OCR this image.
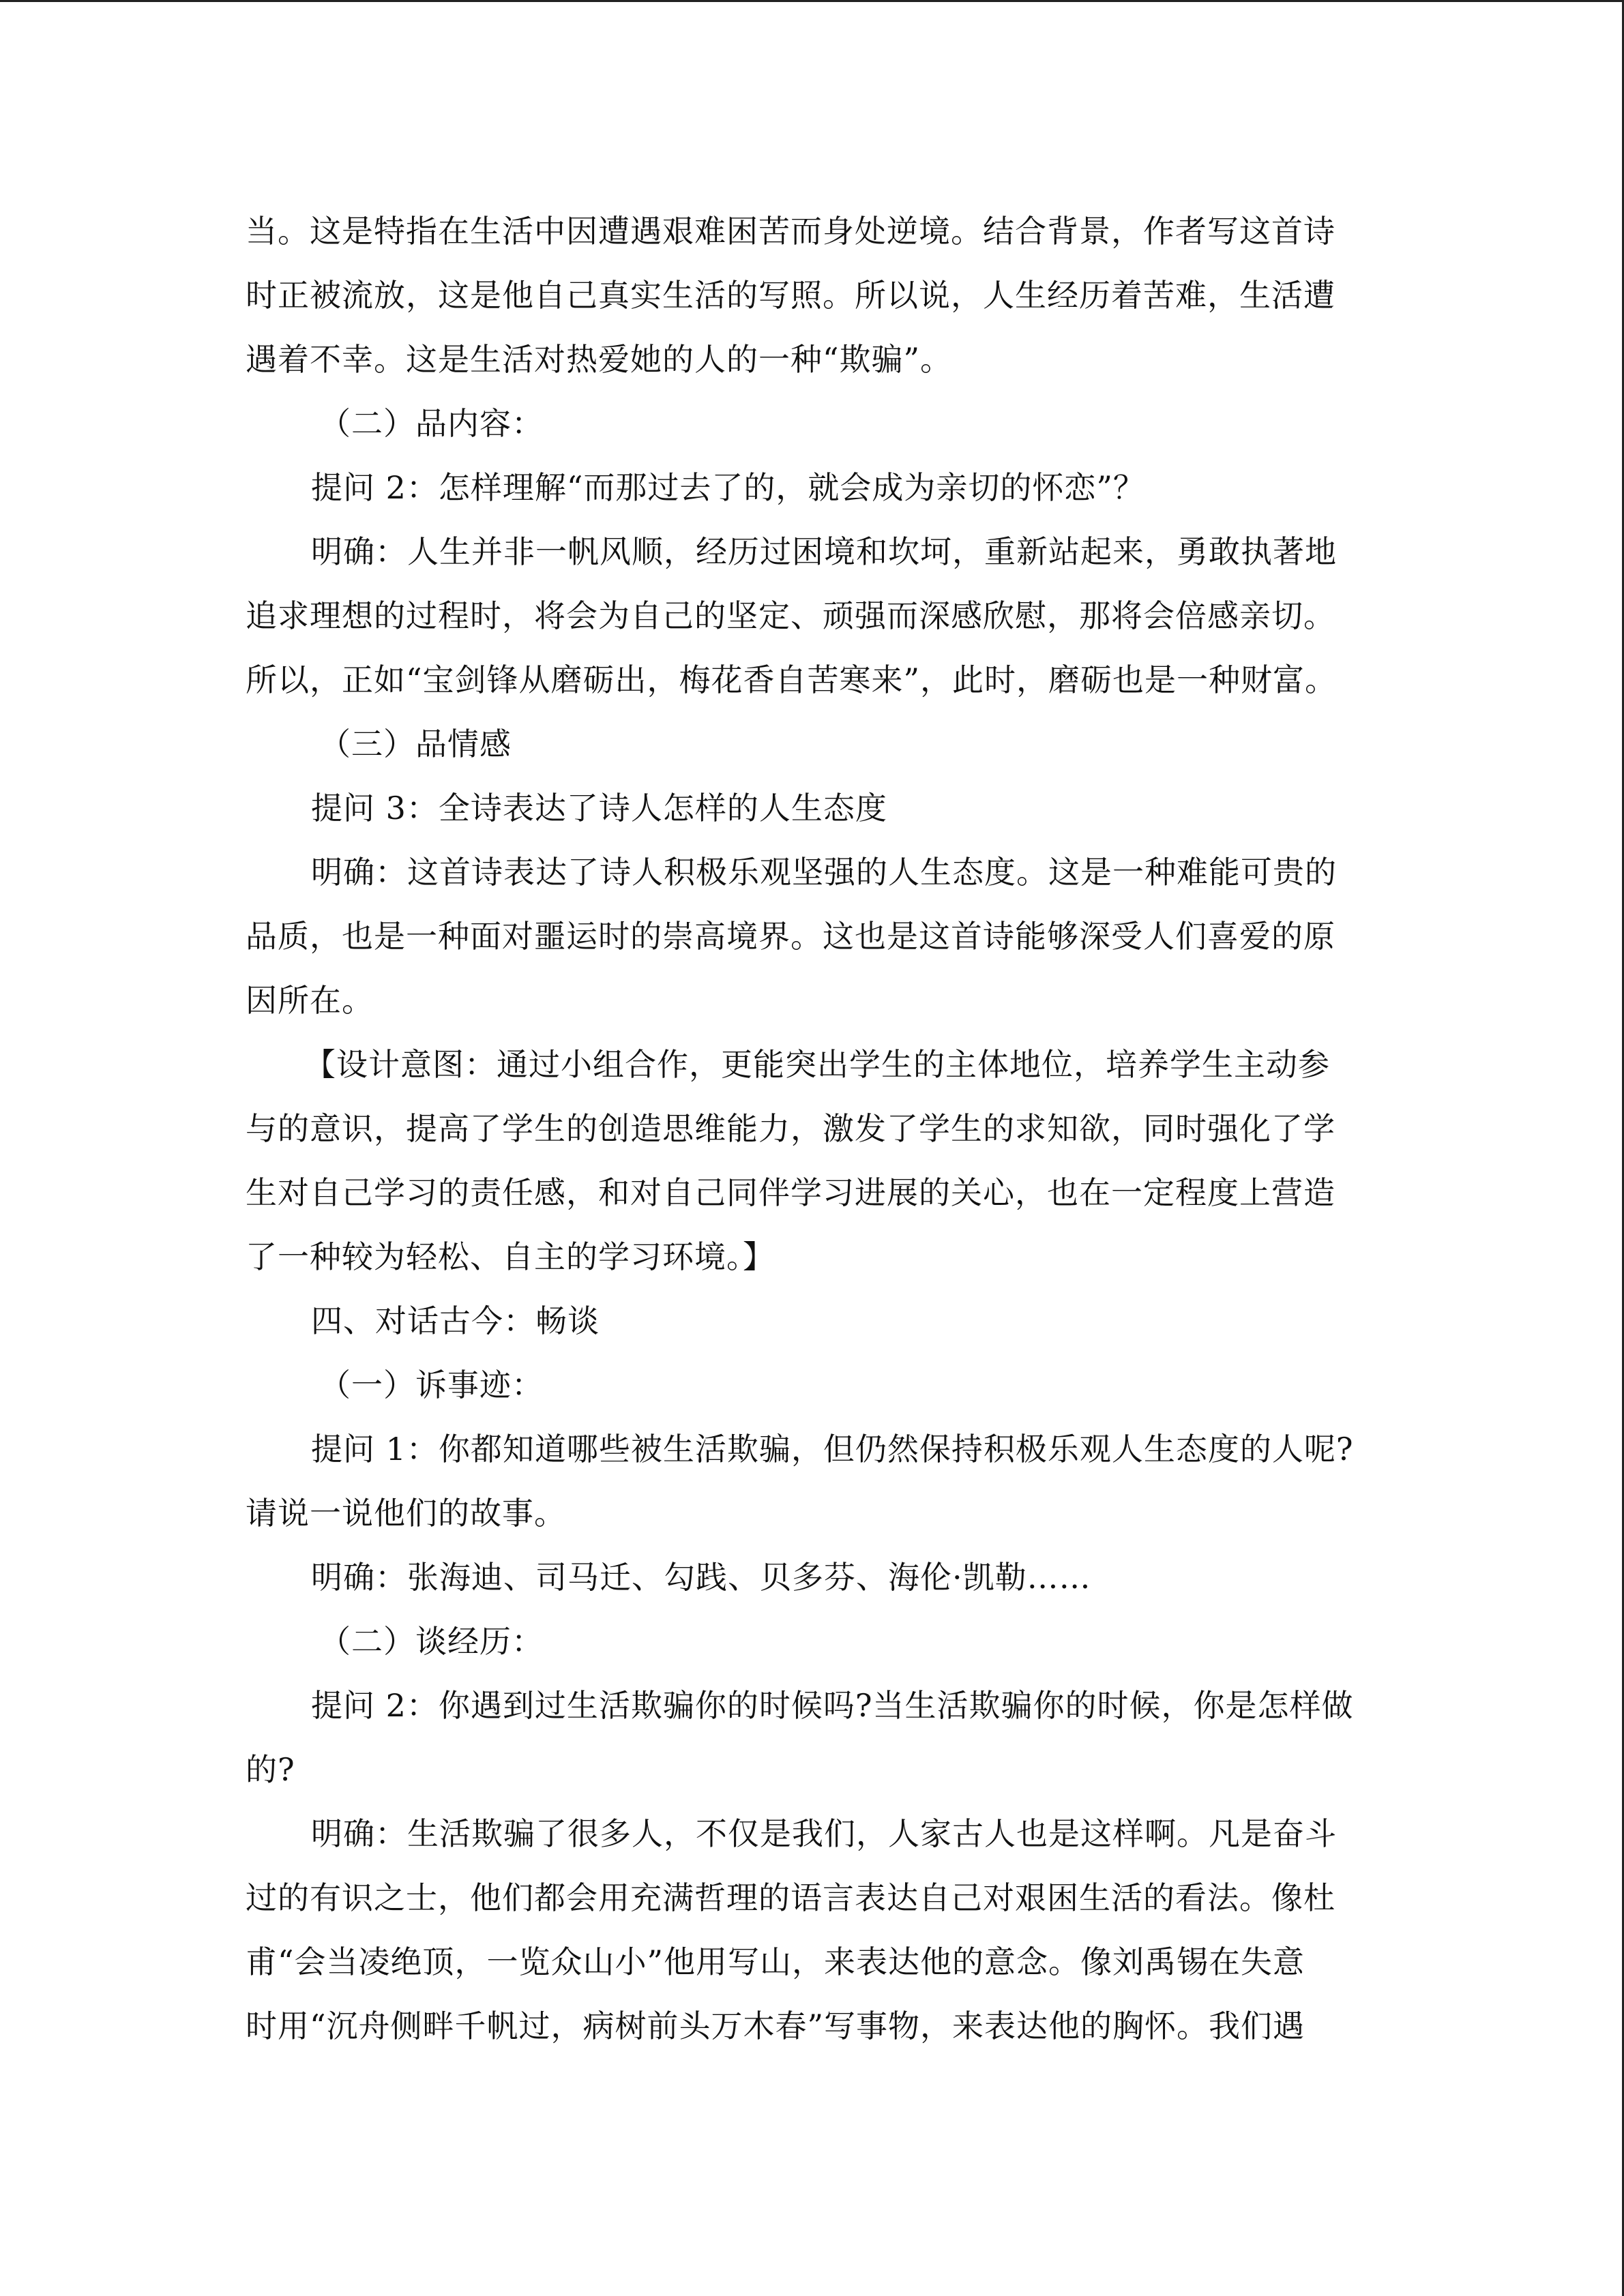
当。这是特指在生活中因遭遇艰难困苦而身处逆境。结合背景，作者写这首诗
时正被流放，这是他自己真实生活的写照。所以说，人生经历着苦难，生活遭
遇着不幸。这是生活对热爱她的人的一种“欺骗”。
（二）品内容：
提问 2：怎样理解“而那过去了的，就会成为亲切的怀恋”？
明确：人生并非一帆风顺，经历过困境和坎坷，重新站起来，勇敢执著地
追求理想的过程时，将会为自己的坚定、顽强而深感欣慰，那将会倍感亲切。
所以，正如“宝剑锋从磨砺出，梅花香自苦寒来”，此时，磨砺也是一种财富。
（三）品情感
提问 3：全诗表达了诗人怎样的人生态度
明确：这首诗表达了诗人积极乐观坚强的人生态度。这是一种难能可贵的
品质，也是一种面对噩运时的崇高境界。这也是这首诗能够深受人们喜爱的原
因所在。
【设计意图：通过小组合作，更能突出学生的主体地位，培养学生主动参
与的意识，提高了学生的创造思维能力，激发了学生的求知欲，同时强化了学
生对自己学习的责任感，和对自己同伴学习进展的关心，也在一定程度上营造
了一种较为轻松、自主的学习环境。】
四、对话古今：畅谈
（一）诉事迹：
提问 1：你都知道哪些被生活欺骗，但仍然保持积极乐观人生态度的人呢?
请说一说他们的故事。
明确：张海迪、司马迁、勾践、贝多芬、海伦·凯勒……
（二）谈经历：
提问 2：你遇到过生活欺骗你的时候吗?当生活欺骗你的时候，你是怎样做
的?
明确：生活欺骗了很多人，不仅是我们，人家古人也是这样啊。凡是奋斗
过的有识之士，他们都会用充满哲理的语言表达自己对艰困生活的看法。像杜
甫“会当凌绝顶，一览众山小”他用写山，来表达他的意念。像刘禹锡在失意
时用“沉舟侧畔千帆过，病树前头万木春”写事物，来表达他的胸怀。我们遇
